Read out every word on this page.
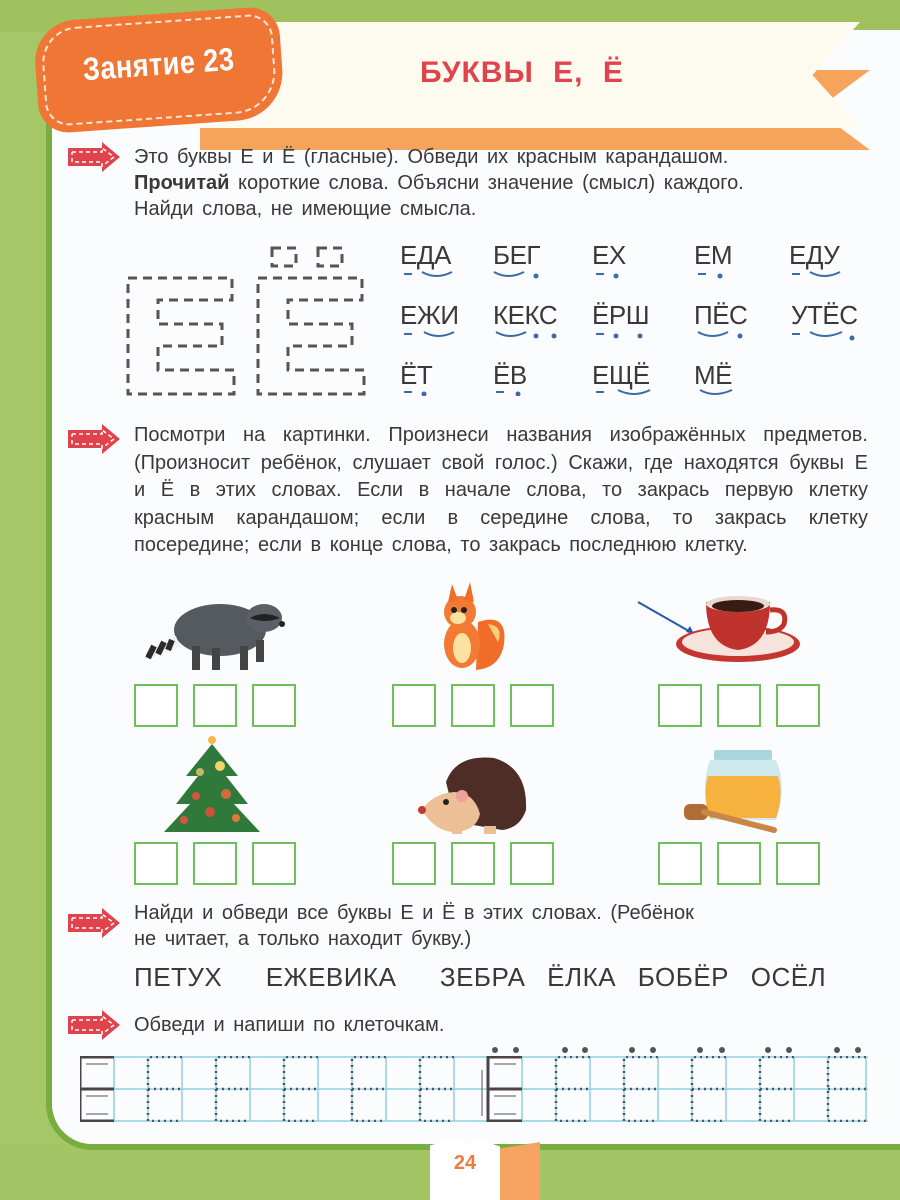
БУКВЫ Е, Ё
Занятие 23
Это буквы Е и Ё (гласные). Обведи их красным карандашом.
Прочитай короткие слова. Объясни значение (смысл) каждого.
Найди слова, не имеющие смысла.
ЕДА БЕГ ЕХ	ЕМ ЕДУ
ЕЖИ КЕКС ЁРШ ПЁС УТЁС
ЁТ ЁВ	ЕЩЁ МЁ
Посмотри на картинки. Произнеси названия изображённых предметов. (Произносит ребёнок, слушает свой голос.) Скажи, где находятся буквы Е и Ё в этих словах. Если в начале слова, то закрась первую клетку красным карандашом; если в середине слова, то закрась клетку посередине; если в конце слова, то закрась последнюю клетку.
Найди и обведи все буквы Е и Ё в этих словах. (Ребёнок
не читает, а только находит букву.)
ПЕТУХ  ЕЖЕВИКА  ЗЕБРА ЁЛКА БОБЁР ОСЁЛ
Обведи и напиши по клеточкам.
24
